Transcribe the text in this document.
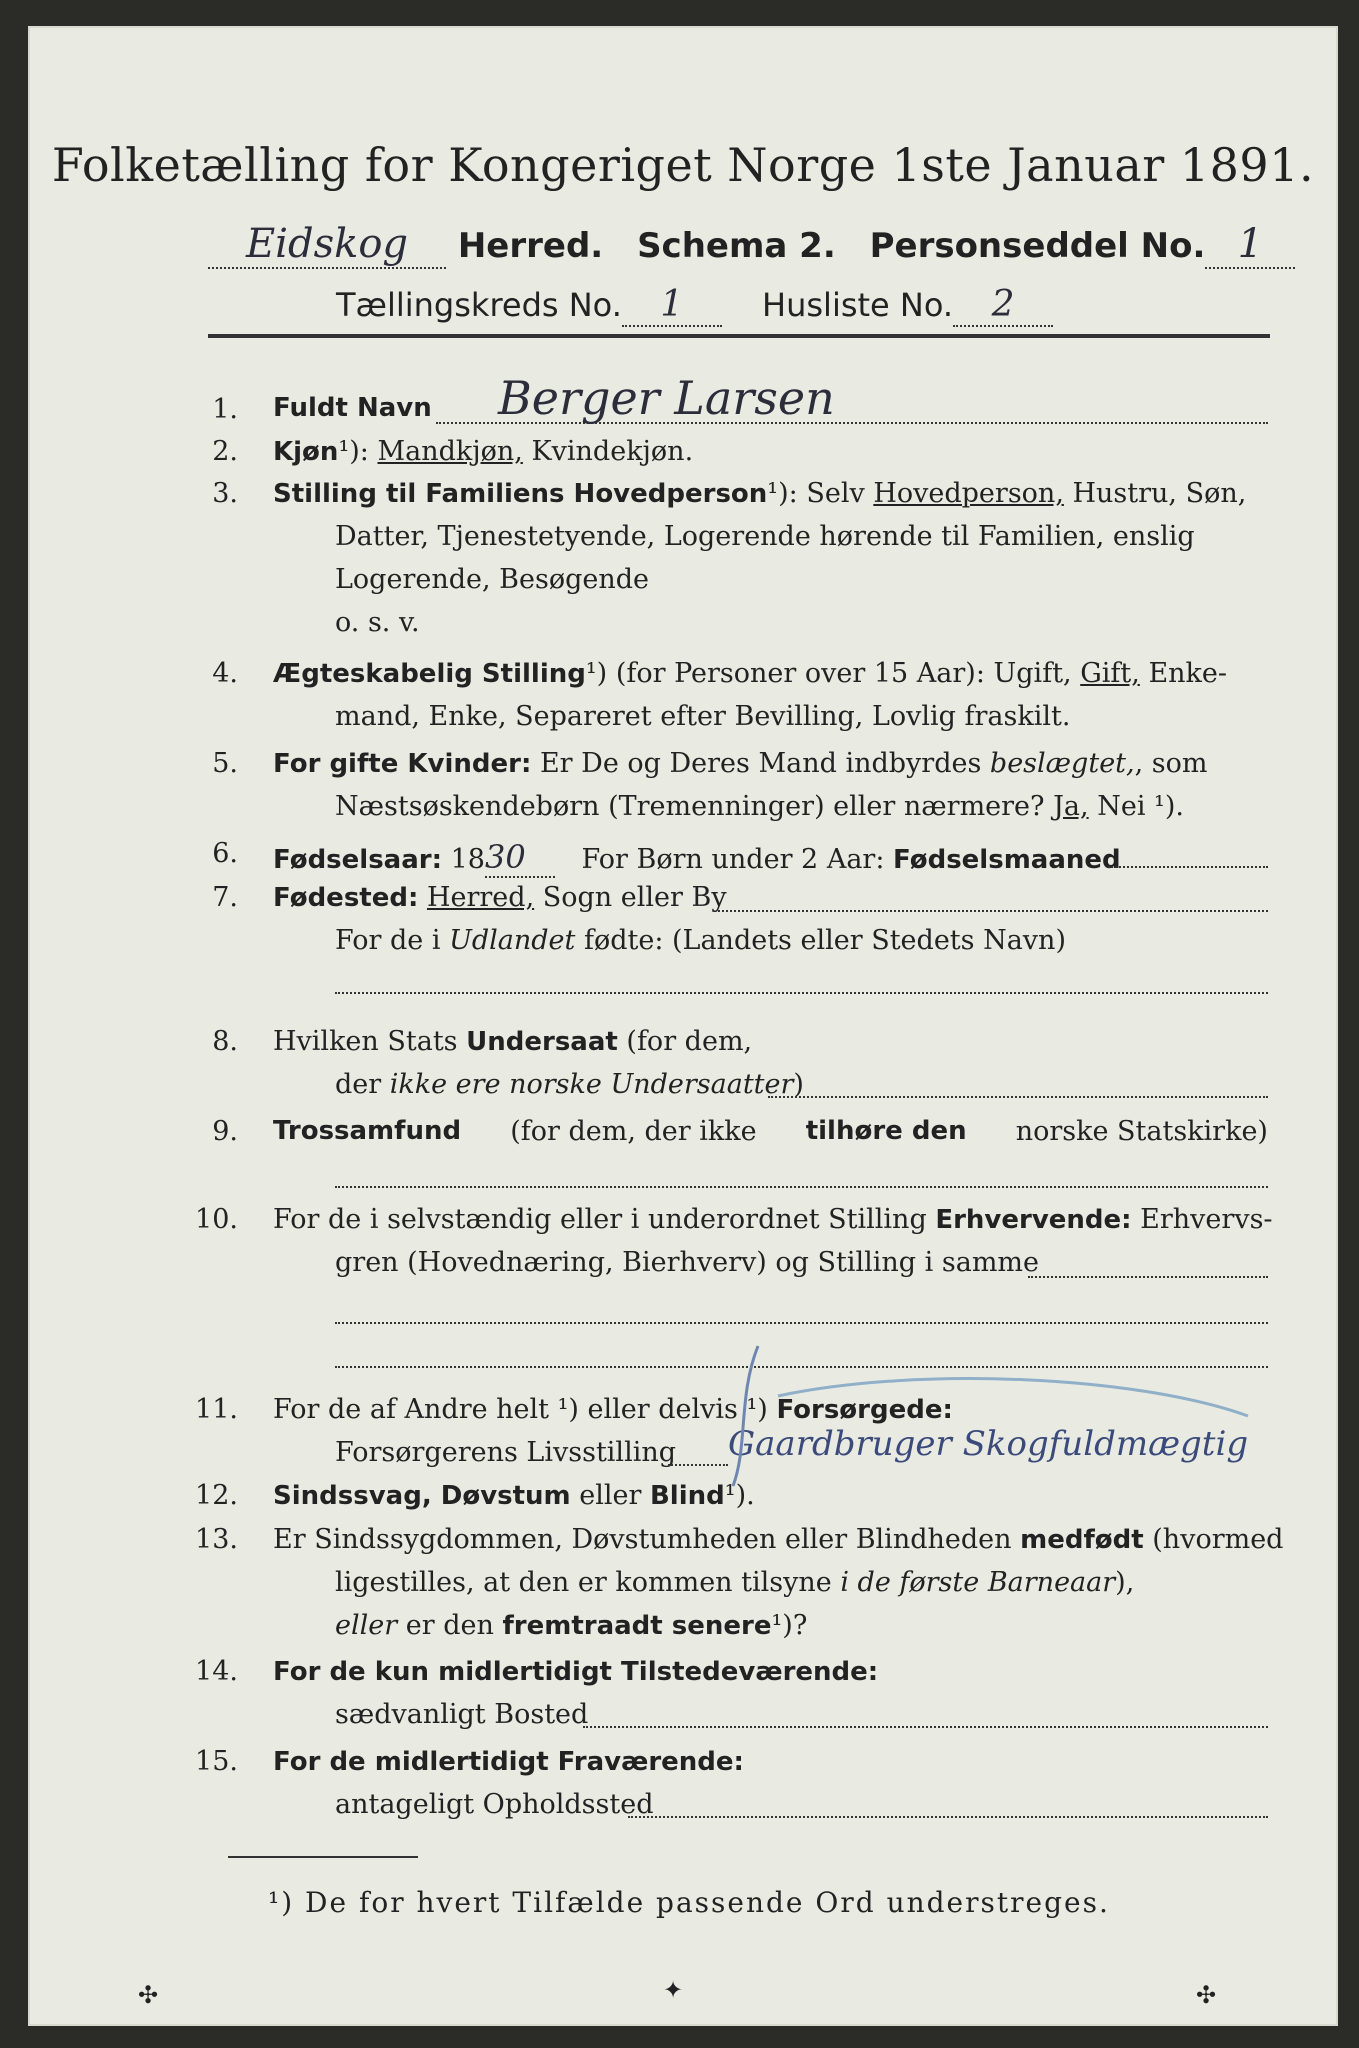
Folketælling for Kongeriget Norge 1ste Januar 1891.
Eidskog Herred. Schema 2. Personseddel No. 1
Tællingskreds No. 1 Husliste No. 2
1. Fuldt Navn Berger Larsen
2. Kjøn¹): Mandkjøn, Kvindekjøn.
3. Stilling til Familiens Hovedperson¹): Selv Hovedperson, Hustru, Søn,
Datter, Tjenestetyende, Logerende hørende til Familien, enslig
Logerende, Besøgende
o. s. v.
4. Ægteskabelig Stilling¹) (for Personer over 15 Aar): Ugift, Gift, Enke-
mand, Enke, Separeret efter Bevilling, Lovlig fraskilt.
5. For gifte Kvinder: Er De og Deres Mand indbyrdes beslægtet,, som
Næstsøskendebørn (Tremenninger) eller nærmere? Ja, Nei ¹).
6. Fødselsaar: 1830 For Børn under 2 Aar: Fødselsmaaned
7. Fødested: Herred, Sogn eller By
For de i Udlandet fødte: (Landets eller Stedets Navn)
8. Hvilken Stats Undersaat (for dem,
der ikke ere norske Undersaatter)
9. Trossamfund (for dem, der ikke tilhøre den norske Statskirke)
10. For de i selvstændig eller i underordnet Stilling Erhvervende: Erhvervs-
gren (Hovednæring, Bierhverv) og Stilling i samme
11. For de af Andre helt ¹) eller delvis ¹) Forsørgede:
Forsørgerens Livsstilling Gaardbruger Skogfuldmægtig
12. Sindssvag, Døvstum eller Blind¹).
13. Er Sindssygdommen, Døvstumheden eller Blindheden medfødt (hvormed
ligestilles, at den er kommen tilsyne i de første Barneaar),
eller er den fremtraadt senere¹)?
14. For de kun midlertidigt Tilstedeværende:
sædvanligt Bosted
15. For de midlertidigt Fraværende:
antageligt Opholdssted
¹) De for hvert Tilfælde passende Ord understreges.
✣	✦	✣
